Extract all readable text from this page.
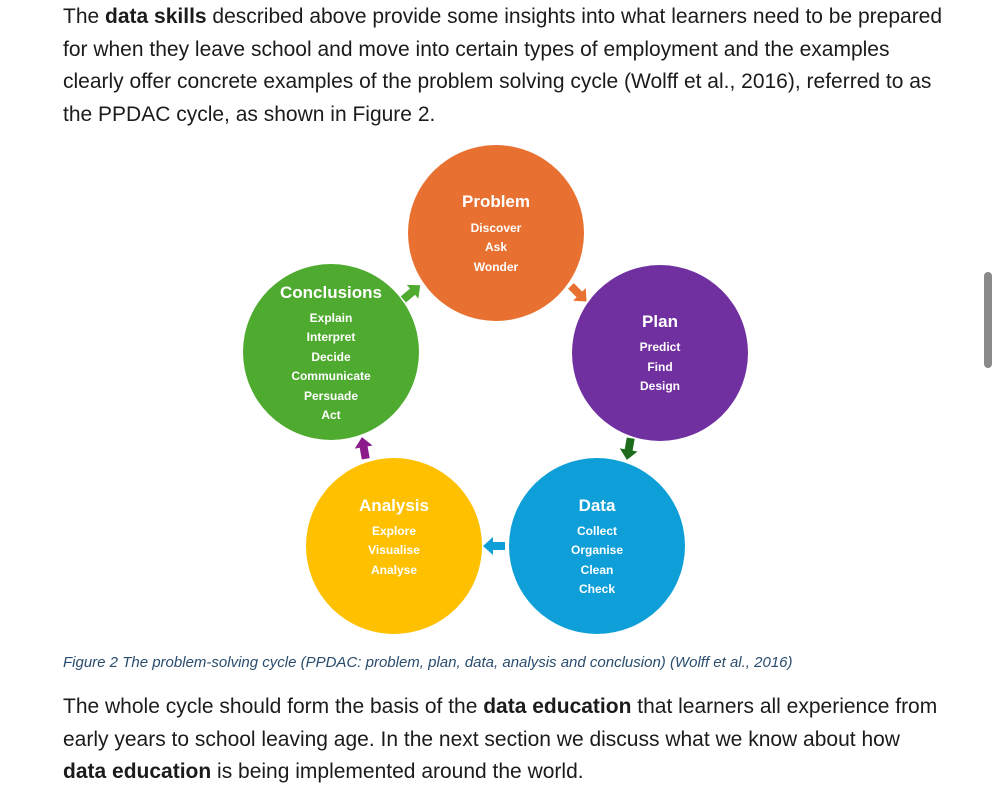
The data skills described above provide some insights into what learners need to be prepared for when they leave school and move into certain types of employment and the examples clearly offer concrete examples of the problem solving cycle (Wolff et al., 2016), referred to as the PPDAC cycle, as shown in Figure 2.

Problem
Discover
Ask
Wonder
Plan
Predict
Find
Design
Data
Collect
Organise
Clean
Check
Analysis
Explore
Visualise
Analyse
Conclusions
Explain
Interpret
Decide
Communicate
Persuade
Act

Figure 2 The problem-solving cycle (PPDAC: problem, plan, data, analysis and conclusion) (Wolff et al., 2016)

The whole cycle should form the basis of the data education that learners all experience from early years to school leaving age. In the next section we discuss what we know about how data education is being implemented around the world.
